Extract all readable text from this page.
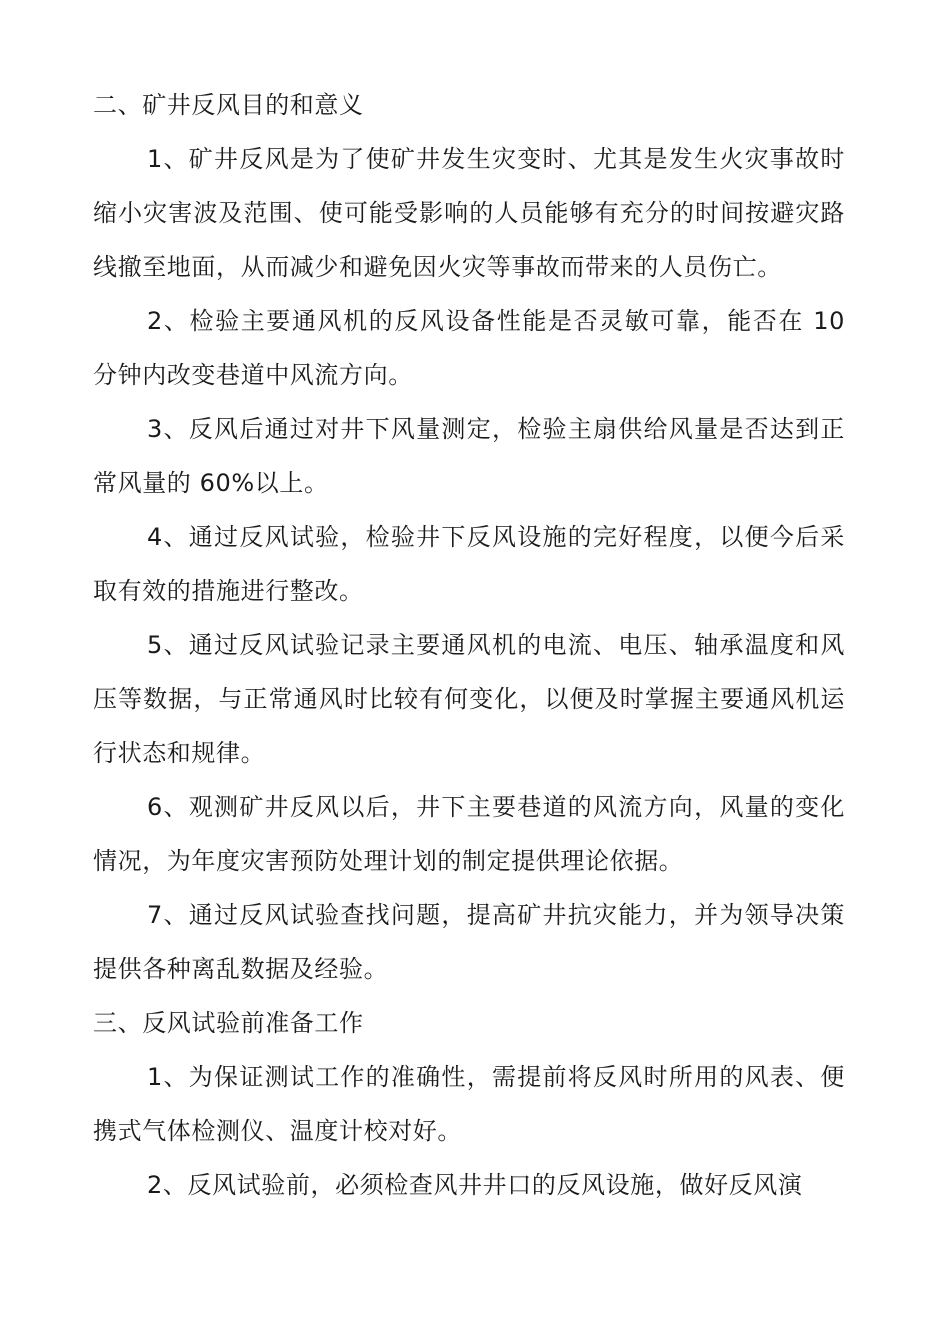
二、矿井反风目的和意义

1、矿井反风是为了使矿井发生灾变时、尤其是发生火灾事故时缩小灾害波及范围、使可能受影响的人员能够有充分的时间按避灾路线撤至地面，从而减少和避免因火灾等事故而带来的人员伤亡。

2、检验主要通风机的反风设备性能是否灵敏可靠，能否在 10 分钟内改变巷道中风流方向。

3、反风后通过对井下风量测定，检验主扇供给风量是否达到正常风量的 60%以上。

4、通过反风试验，检验井下反风设施的完好程度，以便今后采取有效的措施进行整改。

5、通过反风试验记录主要通风机的电流、电压、轴承温度和风压等数据，与正常通风时比较有何变化，以便及时掌握主要通风机运行状态和规律。

6、观测矿井反风以后，井下主要巷道的风流方向，风量的变化情况，为年度灾害预防处理计划的制定提供理论依据。

7、通过反风试验查找问题，提高矿井抗灾能力，并为领导决策提供各种离乱数据及经验。

三、反风试验前准备工作

1、为保证测试工作的准确性，需提前将反风时所用的风表、便携式气体检测仪、温度计校对好。

2、反风试验前，必须检查风井井口的反风设施，做好反风演
